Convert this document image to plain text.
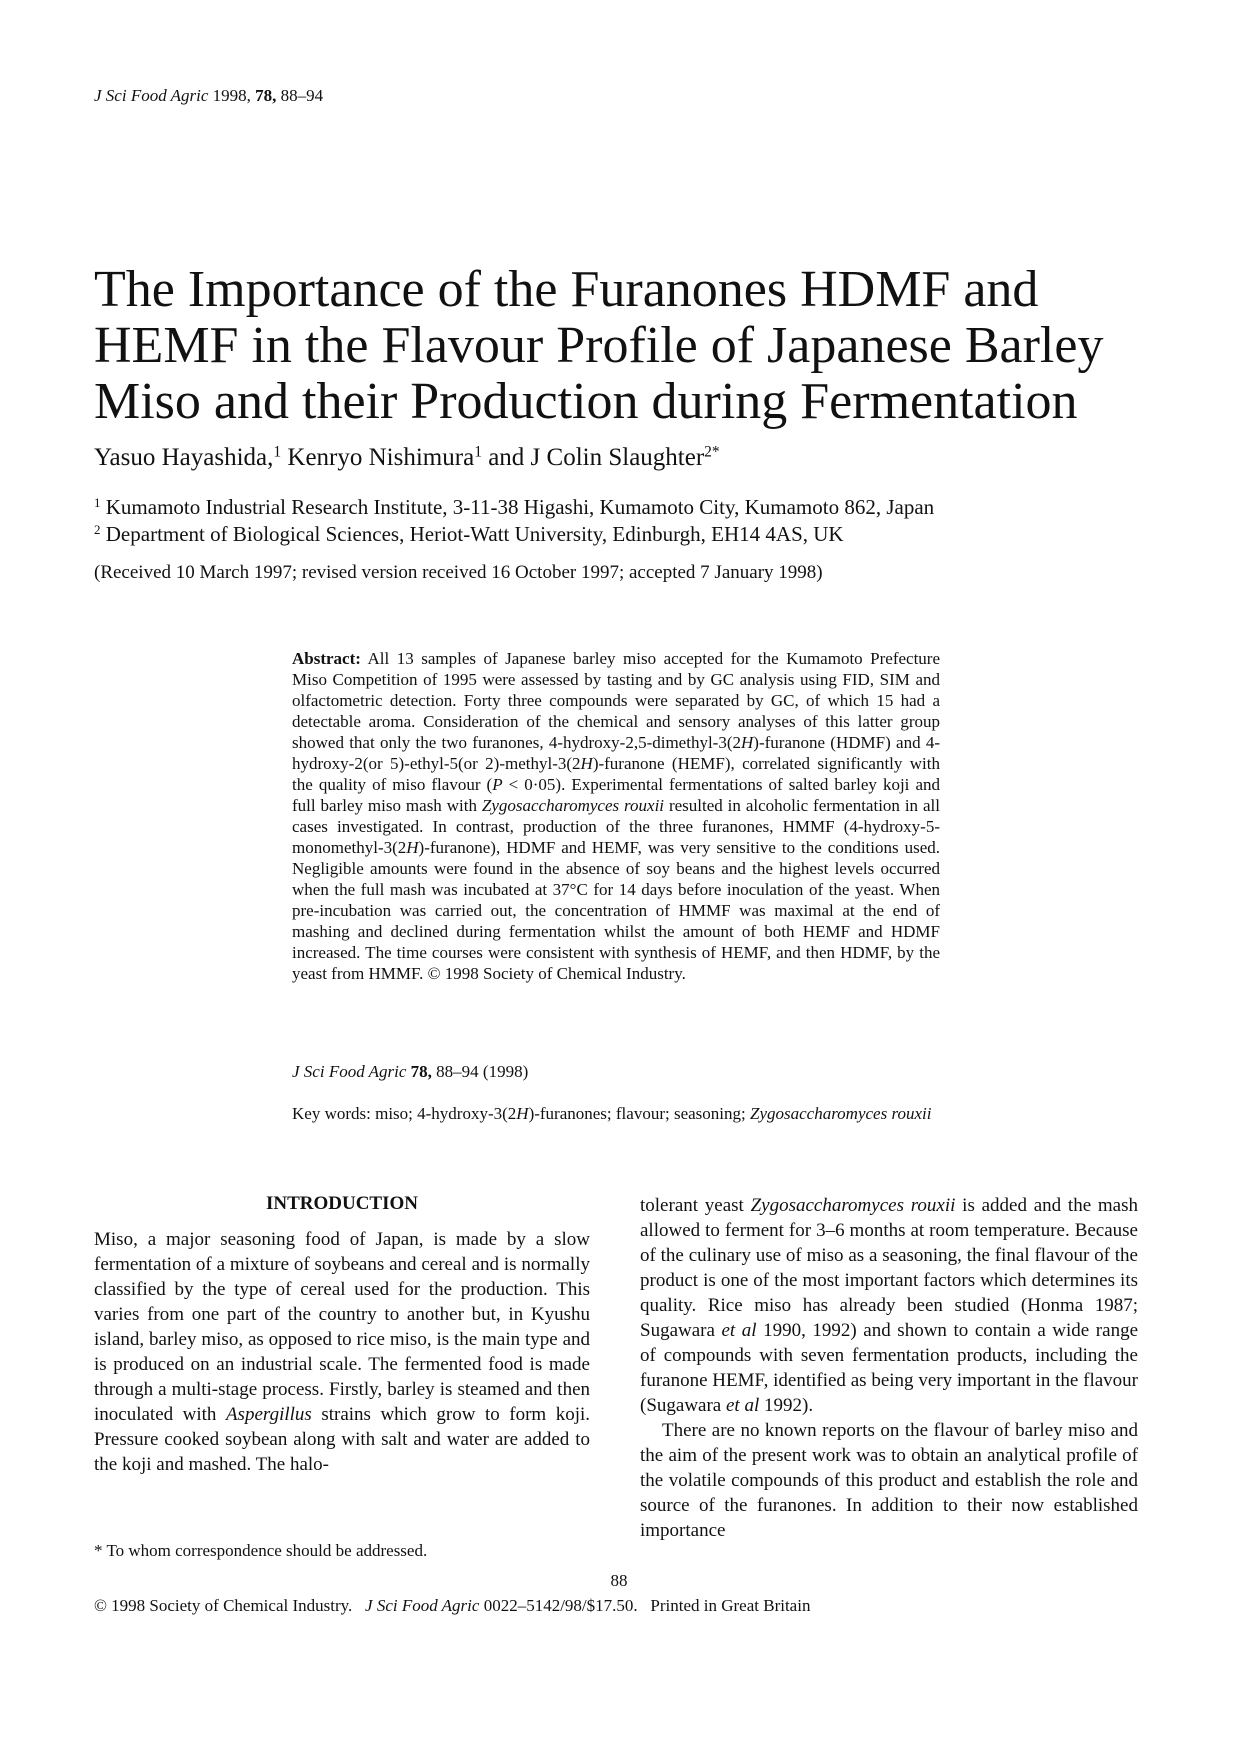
J Sci Food Agric 1998, 78, 88–94
The Importance of the Furanones HDMF and
HEMF in the Flavour Profile of Japanese Barley
Miso and their Production during Fermentation
Yasuo Hayashida,$^1$ Kenryo Nishimura$^1$ and J Colin Slaughter$^{2*}$
$^1$ Kumamoto Industrial Research Institute, 3-11-38 Higashi, Kumamoto City, Kumamoto 862, Japan
$^2$ Department of Biological Sciences, Heriot-Watt University, Edinburgh, EH14 4AS, UK
(Received 10 March 1997; revised version received 16 October 1997; accepted 7 January 1998)
Abstract: All 13 samples of Japanese barley miso accepted for the Kumamoto Prefecture Miso Competition of 1995 were assessed by tasting and by GC analysis using FID, SIM and olfactometric detection. Forty three compounds were separated by GC, of which 15 had a detectable aroma. Consideration of the chemical and sensory analyses of this latter group showed that only the two furanones, 4-hydroxy-2,5-dimethyl-3(2H)-furanone (HDMF) and 4-hydroxy-2(or 5)-ethyl-5(or 2)-methyl-3(2H)-furanone (HEMF), correlated significantly with the quality of miso flavour (P < 0·05). Experimental fermentations of salted barley koji and full barley miso mash with Zygosaccharomyces rouxii resulted in alcoholic fermentation in all cases investigated. In contrast, production of the three furanones, HMMF (4-hydroxy-5-monomethyl-3(2H)-furanone), HDMF and HEMF, was very sensitive to the conditions used. Negligible amounts were found in the absence of soy beans and the highest levels occurred when the full mash was incubated at 37°C for 14 days before inoculation of the yeast. When pre-incubation was carried out, the concentration of HMMF was maximal at the end of mashing and declined during fermentation whilst the amount of both HEMF and HDMF increased. The time courses were consistent with synthesis of HEMF, and then HDMF, by the yeast from HMMF. © 1998 Society of Chemical Industry.
J Sci Food Agric 78, 88–94 (1998)
Key words: miso; 4-hydroxy-3(2H)-furanones; flavour; seasoning; Zygosaccharomyces rouxii
INTRODUCTION
Miso, a major seasoning food of Japan, is made by a slow fermentation of a mixture of soybeans and cereal and is normally classified by the type of cereal used for the production. This varies from one part of the country to another but, in Kyushu island, barley miso, as opposed to rice miso, is the main type and is produced on an industrial scale. The fermented food is made through a multi-stage process. Firstly, barley is steamed and then inoculated with Aspergillus strains which grow to form koji. Pressure cooked soybean along with salt and water are added to the koji and mashed. The halo-

tolerant yeast Zygosaccharomyces rouxii is added and the mash allowed to ferment for 3–6 months at room temperature. Because of the culinary use of miso as a seasoning, the final flavour of the product is one of the most important factors which determines its quality. Rice miso has already been studied (Honma 1987; Sugawara et al 1990, 1992) and shown to contain a wide range of compounds with seven fermentation products, including the furanone HEMF, identified as being very important in the flavour (Sugawara et al 1992).

There are no known reports on the flavour of barley miso and the aim of the present work was to obtain an analytical profile of the volatile compounds of this product and establish the role and source of the furanones. In addition to their now established importance

* To whom correspondence should be addressed.
88
© 1998 Society of Chemical Industry. J Sci Food Agric 0022–5142/98/$17.50. Printed in Great Britain
